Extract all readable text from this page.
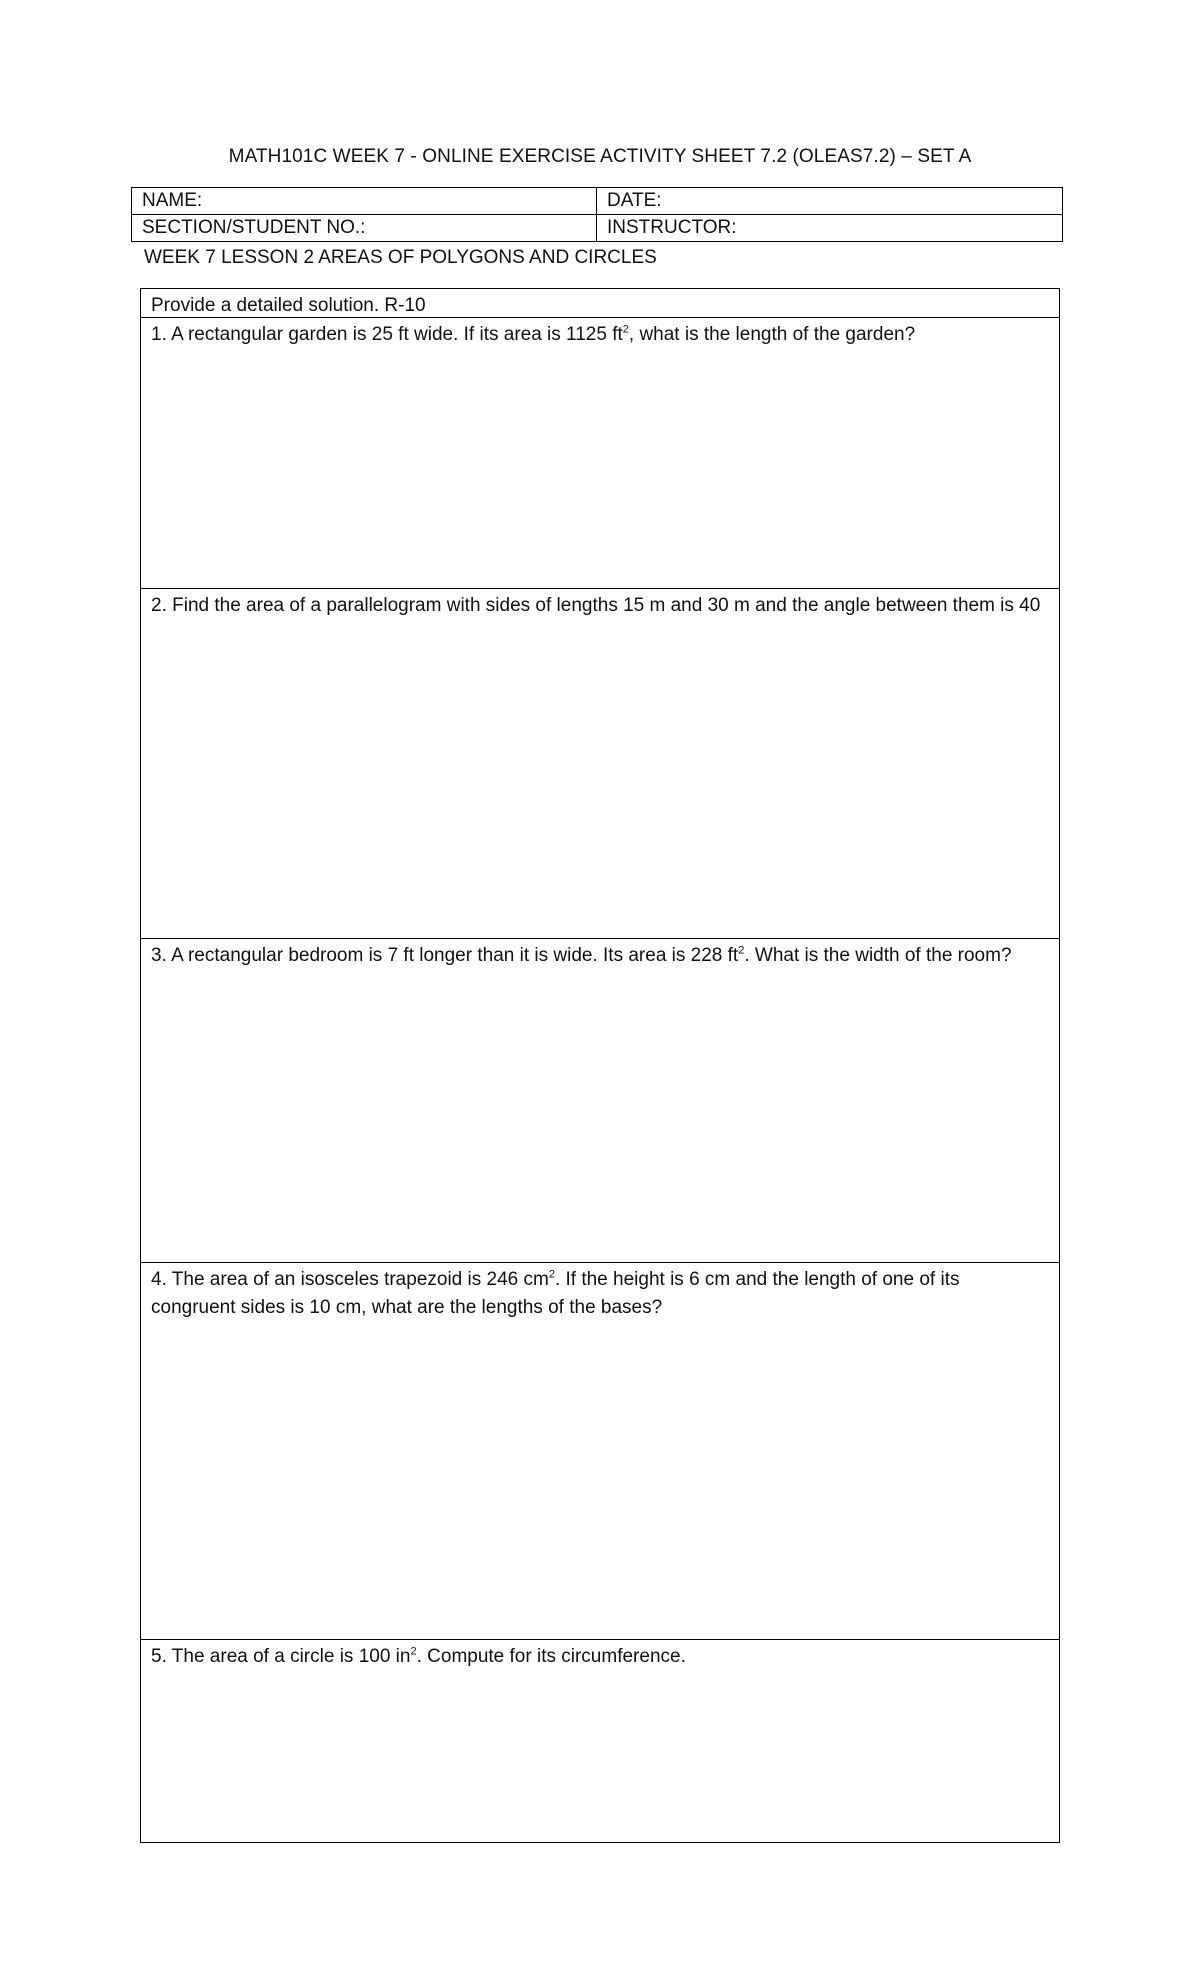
MATH101C WEEK 7 - ONLINE EXERCISE ACTIVITY SHEET 7.2 (OLEAS7.2) – SET A
NAME:	DATE:
SECTION/STUDENT NO.:	INSTRUCTOR:
WEEK 7 LESSON 2 AREAS OF POLYGONS AND CIRCLES
Provide a detailed solution. R-10
1. A rectangular garden is 25 ft wide. If its area is 1125 $ft^2$, what is the length of the garden?
2. Find the area of a parallelogram with sides of lengths 15 m and 30 m and the angle between them is 40
3. A rectangular bedroom is 7 ft longer than it is wide. Its area is 228 $ft^2$. What is the width of the room?
4. The area of an isosceles trapezoid is 246 $cm^2$. If the height is 6 cm and the length of one of its congruent sides is 10 cm, what are the lengths of the bases?
5. The area of a circle is 100 $in^2$. Compute for its circumference.
